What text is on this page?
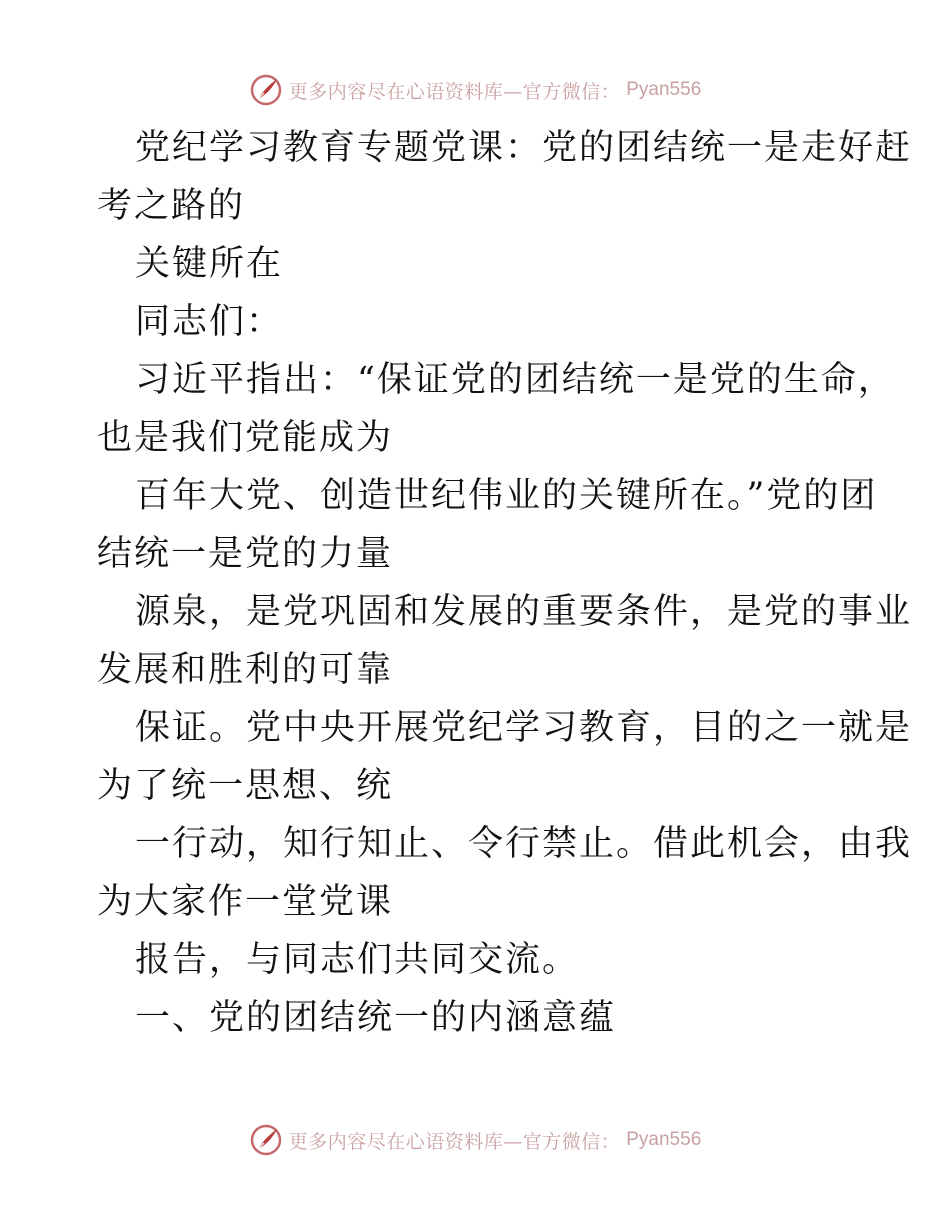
更多内容尽在心语资料库—官方微信： Pyan556
党纪学习教育专题党课：党的团结统一是走好赶
考之路的
关键所在
同志们：
习近平指出：“保证党的团结统一是党的生命，
也是我们党能成为
百年大党、创造世纪伟业的关键所在。”党的团
结统一是党的力量
源泉，是党巩固和发展的重要条件，是党的事业
发展和胜利的可靠
保证。党中央开展党纪学习教育，目的之一就是
为了统一思想、统
一行动，知行知止、令行禁止。借此机会，由我
为大家作一堂党课
报告，与同志们共同交流。
一、党的团结统一的内涵意蕴
更多内容尽在心语资料库—官方微信： Pyan556
